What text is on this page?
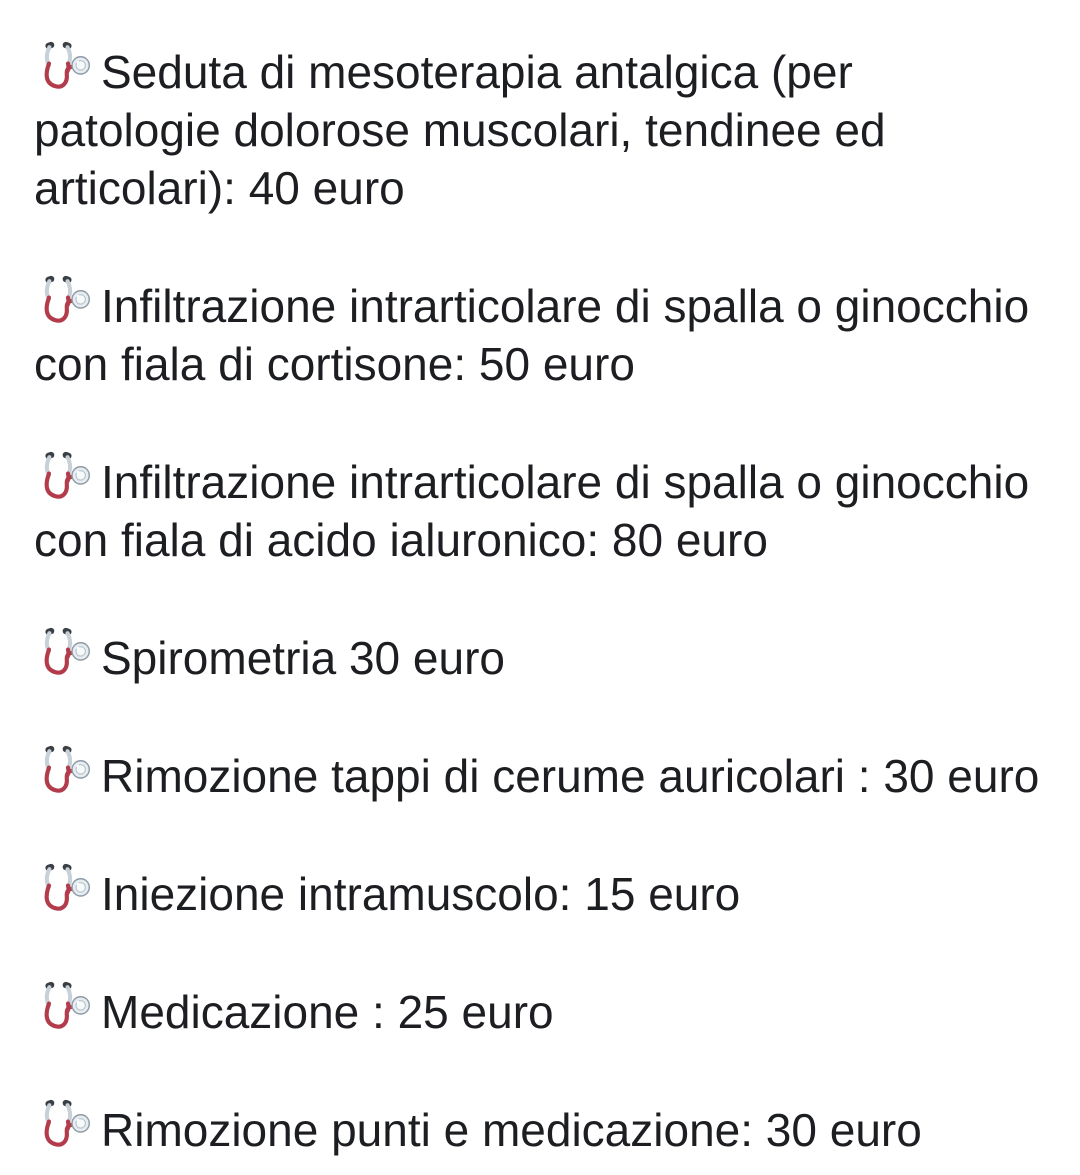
Seduta di mesoterapia antalgica (per patologie dolorose muscolari, tendinee ed articolari): 40 euro
Infiltrazione intrarticolare di spalla o ginocchio con fiala di cortisone: 50 euro
Infiltrazione intrarticolare di spalla o ginocchio con fiala di acido ialuronico: 80 euro
Spirometria 30 euro
Rimozione tappi di cerume auricolari : 30 euro
Iniezione intramuscolo: 15 euro
Medicazione : 25 euro
Rimozione punti e medicazione: 30 euro
